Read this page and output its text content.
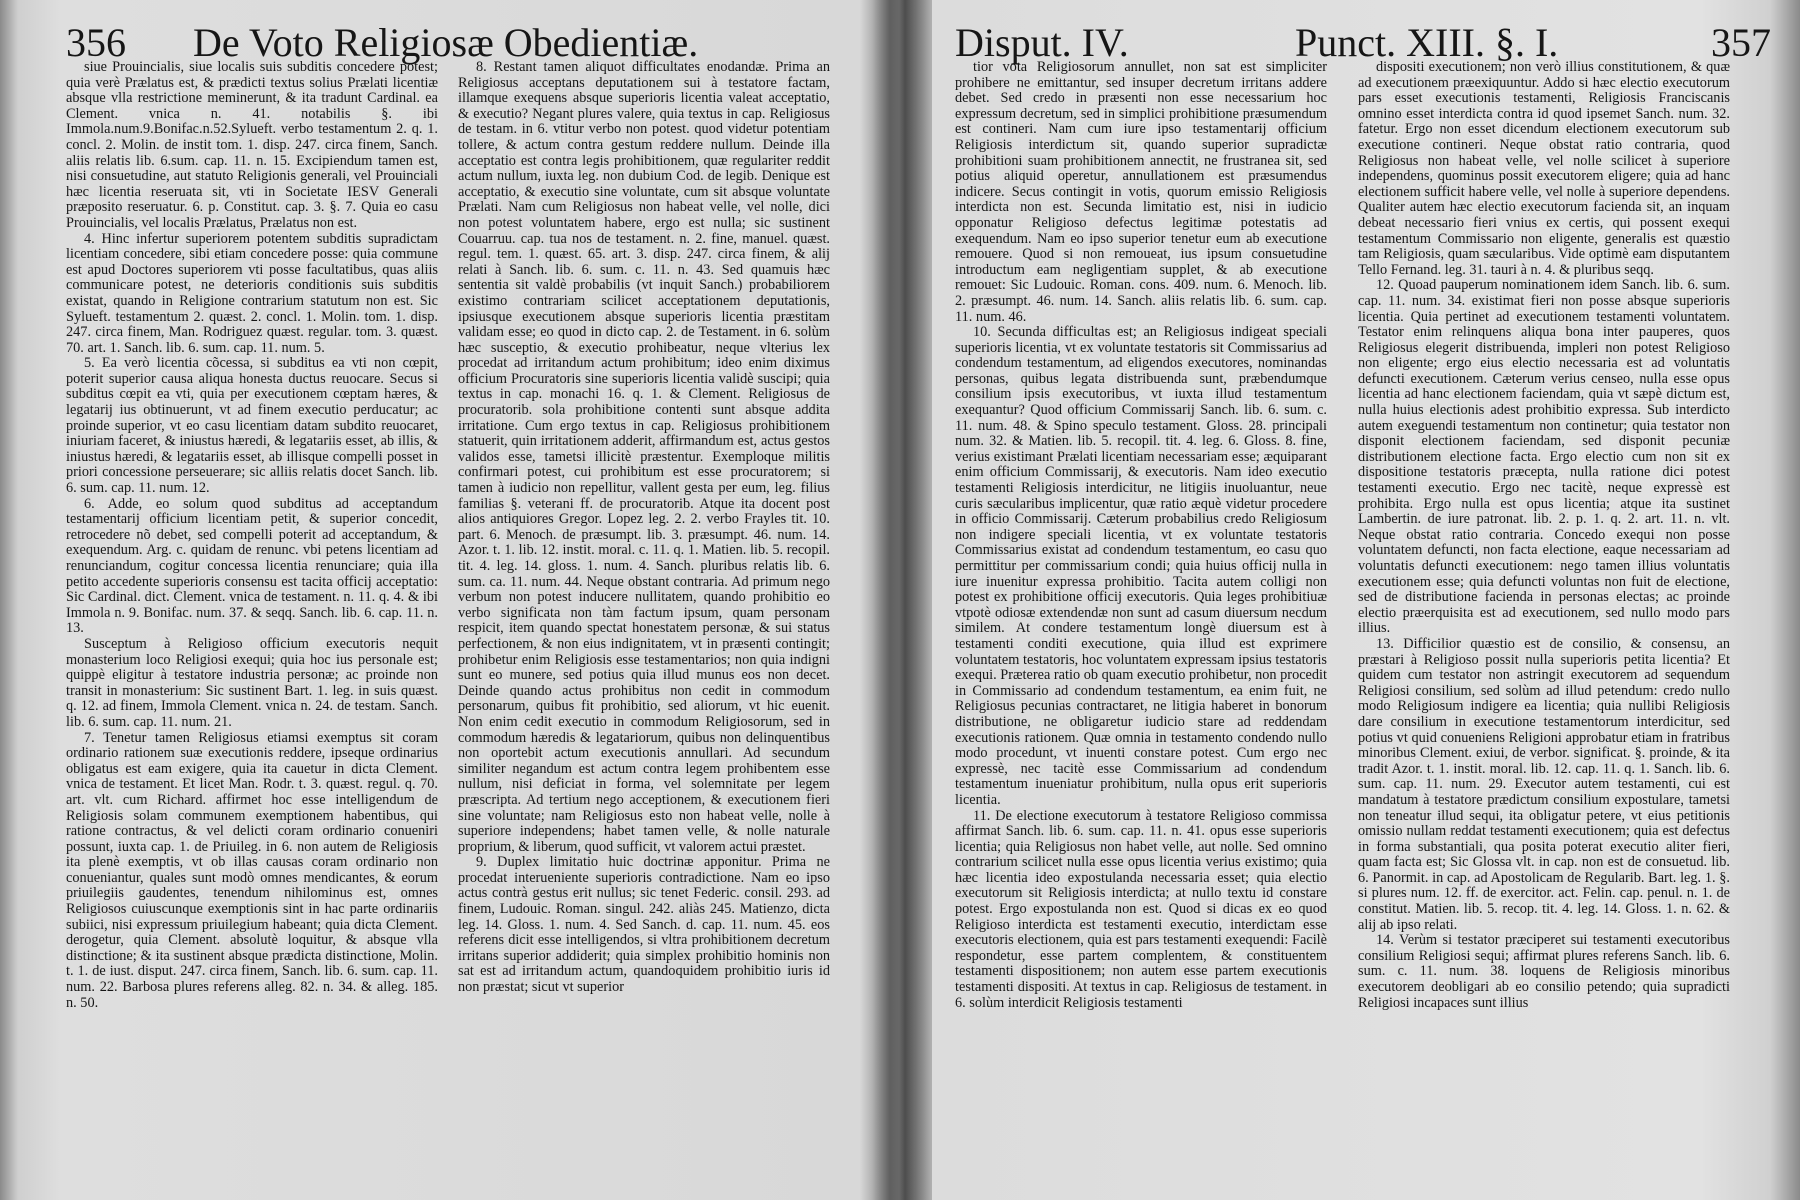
356 De Voto Religiosæ Obedientiæ.

siue Prouincialis, siue localis suis subditis concedere potest; quia verè Prælatus est, & prædicti textus solius Prælati licentiæ absque vlla restrictione meminerunt, & ita tradunt Cardinal. ea Clement. vnica n. 41. notabilis §. ibi Immola.num.9.Bonifac.n.52.Sylueft. verbo testamentum 2. q. 1. concl. 2. Molin. de instit tom. 1. disp. 247. circa finem, Sanch. aliis relatis lib. 6.sum. cap. 11. n. 15. Excipiendum tamen est, nisi consuetudine, aut statuto Religionis generali, vel Prouinciali hæc licentia reseruata sit, vti in Societate IESV Generali præposito reseruatur. 6. p. Constitut. cap. 3. §. 7. Quia eo casu Prouincialis, vel localis Prælatus, Prælatus non est.

4. Hinc infertur superiorem potentem subditis supradictam licentiam concedere, sibi etiam concedere posse: quia commune est apud Doctores superiorem vti posse facultatibus, quas aliis communicare potest, ne deterioris conditionis suis subditis existat, quando in Religione contrarium statutum non est. Sic Sylueft. testamentum 2. quæst. 2. concl. 1. Molin. tom. 1. disp. 247. circa finem, Man. Rodriguez quæst. regular. tom. 3. quæst. 70. art. 1. Sanch. lib. 6. sum. cap. 11. num. 5.

5. Ea verò licentia cõcessa, si subditus ea vti non cœpit, poterit superior causa aliqua honesta ductus reuocare. Secus si subditus cœpit ea vti, quia per executionem cœptam hæres, & legatarij ius obtinuerunt, vt ad finem executio perducatur; ac proinde superior, vt eo casu licentiam datam subdito reuocaret, iniuriam faceret, & iniustus hæredi, & legatariis esset, ab illis, & iniustus hæredi, & legatariis esset, ab illisque compelli posset in priori concessione perseuerare; sic alliis relatis docet Sanch. lib. 6. sum. cap. 11. num. 12.

6. Adde, eo solum quod subditus ad acceptandum testamentarij officium licentiam petit, & superior concedit, retrocedere nõ debet, sed compelli poterit ad acceptandum, & exequendum. Arg. c. quidam de renunc. vbi petens licentiam ad renunciandum, cogitur concessa licentia renunciare; quia illa petito accedente superioris consensu est tacita officij acceptatio: Sic Cardinal. dict. Clement. vnica de testament. n. 11. q. 4. & ibi Immola n. 9. Bonifac. num. 37. & seqq. Sanch. lib. 6. cap. 11. n. 13.

Susceptum à Religioso officium executoris nequit monasterium loco Religiosi exequi; quia hoc ius personale est; quippè eligitur à testatore industria personæ; ac proinde non transit in monasterium: Sic sustinent Bart. 1. leg. in suis quæst. q. 12. ad finem, Immola Clement. vnica n. 24. de testam. Sanch. lib. 6. sum. cap. 11. num. 21.

7. Tenetur tamen Religiosus etiamsi exemptus sit coram ordinario rationem suæ executionis reddere, ipseque ordinarius obligatus est eam exigere, quia ita cauetur in dicta Clement. vnica de testament. Et licet Man. Rodr. t. 3. quæst. regul. q. 70. art. vlt. cum Richard. affirmet hoc esse intelligendum de Religiosis solam communem exemptionem habentibus, qui ratione contractus, & vel delicti coram ordinario conueniri possunt, iuxta cap. 1. de Priuileg. in 6. non autem de Religiosis ita plenè exemptis, vt ob illas causas coram ordinario non conueniantur, quales sunt modò omnes mendicantes, & eorum priuilegiis gaudentes, tenendum nihilominus est, omnes Religiosos cuiuscunque exemptionis sint in hac parte ordinariis subiici, nisi expressum priuilegium habeant; quia dicta Clement. derogetur, quia Clement. absolutè loquitur, & absque vlla distinctione; & ita sustinent absque prædicta distinctione, Molin. t. 1. de iust. disput. 247. circa finem, Sanch. lib. 6. sum. cap. 11. num. 22. Barbosa plures referens alleg. 82. n. 34. & alleg. 185. n. 50.

8. Restant tamen aliquot difficultates enodandæ. Prima an Religiosus acceptans deputationem sui à testatore factam, illamque exequens absque superioris licentia valeat acceptatio, & executio? Negant plures valere, quia textus in cap. Religiosus de testam. in 6. vtitur verbo non potest. quod videtur potentiam tollere, & actum contra gestum reddere nullum. Deinde illa acceptatio est contra legis prohibitionem, quæ regulariter reddit actum nullum, iuxta leg. non dubium Cod. de legib. Denique est acceptatio, & executio sine voluntate, cum sit absque voluntate Prælati. Nam cum Religiosus non habeat velle, vel nolle, dici non potest voluntatem habere, ergo est nulla; sic sustinent Couarruu. cap. tua nos de testament. n. 2. fine, manuel. quæst. regul. tem. 1. quæst. 65. art. 3. disp. 247. circa finem, & alij relati à Sanch. lib. 6. sum. c. 11. n. 43. Sed quamuis hæc sententia sit valdè probabilis (vt inquit Sanch.) probabiliorem existimo contrariam scilicet acceptationem deputationis, ipsiusque executionem absque superioris licentia præstitam validam esse; eo quod in dicto cap. 2. de Testament. in 6. solùm hæc susceptio, & executio prohibeatur, neque vlterius lex procedat ad irritandum actum prohibitum; ideo enim diximus officium Procuratoris sine superioris licentia validè suscipi; quia textus in cap. monachi 16. q. 1. & Clement. Religiosus de procuratorib. sola prohibitione contenti sunt absque addita irritatione. Cum ergo textus in cap. Religiosus prohibitionem statuerit, quin irritationem adderit, affirmandum est, actus gestos validos esse, tametsi illicitè præstentur. Exemploque militis confirmari potest, cui prohibitum est esse procuratorem; si tamen à iudicio non repellitur, vallent gesta per eum, leg. filius familias §. veterani ff. de procuratorib. Atque ita docent post alios antiquiores Gregor. Lopez leg. 2. 2. verbo Frayles tit. 10. part. 6. Menoch. de præsumpt. lib. 3. præsumpt. 46. num. 14. Azor. t. 1. lib. 12. instit. moral. c. 11. q. 1. Matien. lib. 5. recopil. tit. 4. leg. 14. gloss. 1. num. 4. Sanch. pluribus relatis lib. 6. sum. ca. 11. num. 44. Neque obstant contraria. Ad primum nego verbum non potest inducere nullitatem, quando prohibitio eo verbo significata non tàm factum ipsum, quam personam respicit, item quando spectat honestatem personæ, & sui status perfectionem, & non eius indignitatem, vt in præsenti contingit; prohibetur enim Religiosis esse testamentarios; non quia indigni sunt eo munere, sed potius quia illud munus eos non decet. Deinde quando actus prohibitus non cedit in commodum personarum, quibus fit prohibitio, sed aliorum, vt hic euenit. Non enim cedit executio in commodum Religiosorum, sed in commodum hæredis & legatariorum, quibus non delinquentibus non oportebit actum executionis annullari. Ad secundum similiter negandum est actum contra legem prohibentem esse nullum, nisi deficiat in forma, vel solemnitate per legem præscripta. Ad tertium nego acceptionem, & executionem fieri sine voluntate; nam Religiosus esto non habeat velle, nolle à superiore independens; habet tamen velle, & nolle naturale proprium, & liberum, quod sufficit, vt valorem actui præstet.

9. Duplex limitatio huic doctrinæ apponitur. Prima ne procedat interueniente superioris contradictione. Nam eo ipso actus contrà gestus erit nullus; sic tenet Federic. consil. 293. ad finem, Ludouic. Roman. singul. 242. aliàs 245. Matienzo, dicta leg. 14. Gloss. 1. num. 4. Sed Sanch. d. cap. 11. num. 45. eos referens dicit esse intelligendos, si vltra prohibitionem decretum irritans superior addiderit; quia simplex prohibitio hominis non sat est ad irritandum actum, quandoquidem prohibitio iuris id non præstat; sicut vt superior

Disput. IV.	Punct. XIII. §. I.	357

tior vota Religiosorum annullet, non sat est simpliciter prohibere ne emittantur, sed insuper decretum irritans addere debet. Sed credo in præsenti non esse necessarium hoc expressum decretum, sed in simplici prohibitione præsumendum est contineri. Nam cum iure ipso testamentarij officium Religiosis interdictum sit, quando superior supradictæ prohibitioni suam prohibitionem annectit, ne frustranea sit, sed potius aliquid operetur, annullationem est præsumendus indicere. Secus contingit in votis, quorum emissio Religiosis interdicta non est. Secunda limitatio est, nisi in iudicio opponatur Religioso defectus legitimæ potestatis ad exequendum. Nam eo ipso superior tenetur eum ab executione remouere. Quod si non remoueat, ius ipsum consuetudine introductum eam negligentiam supplet, & ab executione remouet: Sic Ludouic. Roman. cons. 409. num. 6. Menoch. lib. 2. præsumpt. 46. num. 14. Sanch. aliis relatis lib. 6. sum. cap. 11. num. 46.

10. Secunda difficultas est; an Religiosus indigeat speciali superioris licentia, vt ex voluntate testatoris sit Commissarius ad condendum testamentum, ad eligendos executores, nominandas personas, quibus legata distribuenda sunt, præbendumque consilium ipsis executoribus, vt iuxta illud testamentum exequantur? Quod officium Commissarij Sanch. lib. 6. sum. c. 11. num. 48. & Spino speculo testament. Gloss. 28. principali num. 32. & Matien. lib. 5. recopil. tit. 4. leg. 6. Gloss. 8. fine, verius existimant Prælati licentiam necessariam esse; æquiparant enim officium Commissarij, & executoris. Nam ideo executio testamenti Religiosis interdicitur, ne litigiis inuoluantur, neue curis sæcularibus implicentur, quæ ratio æquè videtur procedere in officio Commissarij. Cæterum probabilius credo Religiosum non indigere speciali licentia, vt ex voluntate testatoris Commissarius existat ad condendum testamentum, eo casu quo permittitur per commissarium condi; quia huius officij nulla in iure inuenitur expressa prohibitio. Tacita autem colligi non potest ex prohibitione officij executoris. Quia leges prohibitiuæ vtpotè odiosæ extendendæ non sunt ad casum diuersum necdum similem. At condere testamentum longè diuersum est à testamenti conditi executione, quia illud est exprimere voluntatem testatoris, hoc voluntatem expressam ipsius testatoris exequi. Præterea ratio ob quam executio prohibetur, non procedit in Commissario ad condendum testamentum, ea enim fuit, ne Religiosus pecunias contractaret, ne litigia haberet in bonorum distributione, ne obligaretur iudicio stare ad reddendam executionis rationem. Quæ omnia in testamento condendo nullo modo procedunt, vt inuenti constare potest. Cum ergo nec expressè, nec tacitè esse Commissarium ad condendum testamentum inueniatur prohibitum, nulla opus erit superioris licentia.

11. De electione executorum à testatore Religioso commissa affirmat Sanch. lib. 6. sum. cap. 11. n. 41. opus esse superioris licentia; quia Religiosus non habet velle, aut nolle. Sed omnino contrarium scilicet nulla esse opus licentia verius existimo; quia hæc licentia ideo expostulanda necessaria esset; quia electio executorum sit Religiosis interdicta; at nullo textu id constare potest. Ergo expostulanda non est. Quod si dicas ex eo quod Religioso interdicta est testamenti executio, interdictam esse executoris electionem, quia est pars testamenti exequendi: Facilè respondetur, esse partem complentem, & constituentem testamenti dispositionem; non autem esse partem executionis testamenti dispositi. At textus in cap. Religiosus de testament. in 6. solùm interdicit Religiosis testamenti

dispositi executionem; non verò illius constitutionem, & quæ ad executionem præexiquuntur. Addo si hæc electio executorum pars esset executionis testamenti, Religiosis Franciscanis omnino esset interdicta contra id quod ipsemet Sanch. num. 32. fatetur. Ergo non esset dicendum electionem executorum sub executione contineri. Neque obstat ratio contraria, quod Religiosus non habeat velle, vel nolle scilicet à superiore independens, quominus possit executorem eligere; quia ad hanc electionem sufficit habere velle, vel nolle à superiore dependens. Qualiter autem hæc electio executorum facienda sit, an inquam debeat necessario fieri vnius ex certis, qui possent exequi testamentum Commissario non eligente, generalis est quæstio tam Religiosis, quam sæcularibus. Vide optimè eam disputantem Tello Fernand. leg. 31. tauri à n. 4. & pluribus seqq.

12. Quoad pauperum nominationem idem Sanch. lib. 6. sum. cap. 11. num. 34. existimat fieri non posse absque superioris licentia. Quia pertinet ad executionem testamenti voluntatem. Testator enim relinquens aliqua bona inter pauperes, quos Religiosus elegerit distribuenda, impleri non potest Religioso non eligente; ergo eius electio necessaria est ad voluntatis defuncti executionem. Cæterum verius censeo, nulla esse opus licentia ad hanc electionem faciendam, quia vt sæpè dictum est, nulla huius electionis adest prohibitio expressa. Sub interdicto autem exeguendi testamentum non continetur; quia testator non disponit electionem faciendam, sed disponit pecuniæ distributionem electione facta. Ergo electio cum non sit ex dispositione testatoris præcepta, nulla ratione dici potest testamenti executio. Ergo nec tacitè, neque expressè est prohibita. Ergo nulla est opus licentia; atque ita sustinet Lambertin. de iure patronat. lib. 2. p. 1. q. 2. art. 11. n. vlt. Neque obstat ratio contraria. Concedo exequi non posse voluntatem defuncti, non facta electione, eaque necessariam ad voluntatis defuncti executionem: nego tamen illius voluntatis executionem esse; quia defuncti voluntas non fuit de electione, sed de distributione facienda in personas electas; ac proinde electio præerquisita est ad executionem, sed nullo modo pars illius.

13. Difficilior quæstio est de consilio, & consensu, an præstari à Religioso possit nulla superioris petita licentia? Et quidem cum testator non astringit executorem ad sequendum Religiosi consilium, sed solùm ad illud petendum: credo nullo modo Religiosum indigere ea licentia; quia nullibi Religiosis dare consilium in executione testamentorum interdicitur, sed potius vt quid conueniens Religioni approbatur etiam in fratribus minoribus Clement. exiui, de verbor. significat. §. proinde, & ita tradit Azor. t. 1. instit. moral. lib. 12. cap. 11. q. 1. Sanch. lib. 6. sum. cap. 11. num. 29. Executor autem testamenti, cui est mandatum à testatore prædictum consilium expostulare, tametsi non teneatur illud sequi, ita obligatur petere, vt eius petitionis omissio nullam reddat testamenti executionem; quia est defectus in forma substantiali, qua posita poterat executio aliter fieri, quam facta est; Sic Glossa vlt. in cap. non est de consuetud. lib. 6. Panormit. in cap. ad Apostolicam de Regularib. Bart. leg. 1. §. si plures num. 12. ff. de exercitor. act. Felin. cap. penul. n. 1. de constitut. Matien. lib. 5. recop. tit. 4. leg. 14. Gloss. 1. n. 62. & alij ab ipso relati.

14. Verùm si testator præciperet sui testamenti executoribus consilium Religiosi sequi; affirmat plures referens Sanch. lib. 6. sum. c. 11. num. 38. loquens de Religiosis minoribus executorem deobligari ab eo consilio petendo; quia supradicti Religiosi incapaces sunt illius
